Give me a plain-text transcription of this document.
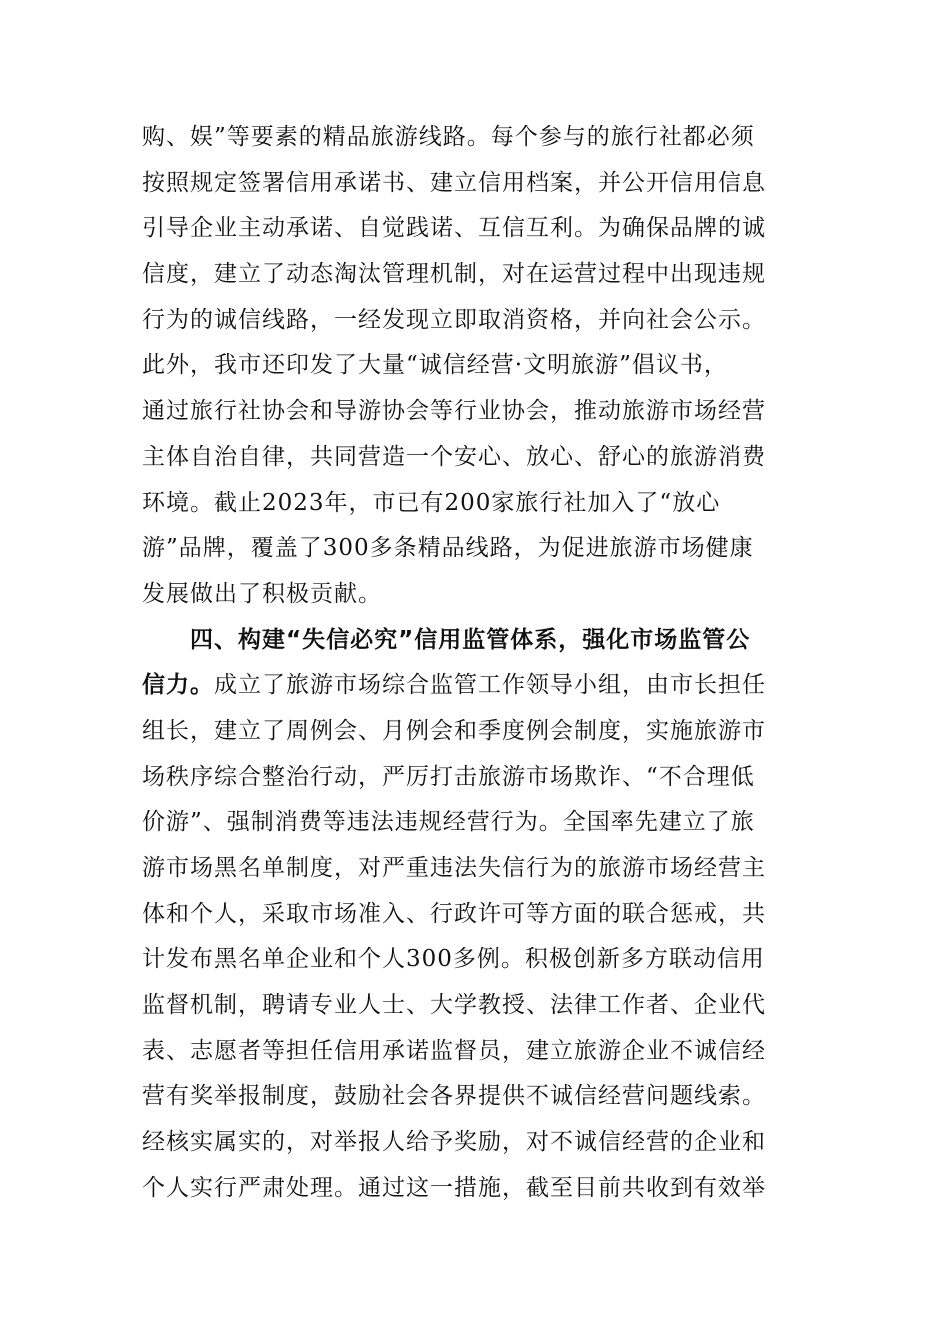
购、娱”等要素的精品旅游线路。每个参与的旅行社都必须
按照规定签署信用承诺书、建立信用档案，并公开信用信息
引导企业主动承诺、自觉践诺、互信互利。为确保品牌的诚
信度，建立了动态淘汰管理机制，对在运营过程中出现违规
行为的诚信线路，一经发现立即取消资格，并向社会公示。
此外，我市还印发了大量“诚信经营·文明旅游”倡议书，
通过旅行社协会和导游协会等行业协会，推动旅游市场经营
主体自治自律，共同营造一个安心、放心、舒心的旅游消费
环境。截止2023年，市已有200家旅行社加入了“放心
游”品牌，覆盖了300多条精品线路，为促进旅游市场健康
发展做出了积极贡献。
四、构建“失信必究”信用监管体系，强化市场监管公
信力。成立了旅游市场综合监管工作领导小组，由市长担任
组长，建立了周例会、月例会和季度例会制度，实施旅游市
场秩序综合整治行动，严厉打击旅游市场欺诈、“不合理低
价游”、强制消费等违法违规经营行为。全国率先建立了旅
游市场黑名单制度，对严重违法失信行为的旅游市场经营主
体和个人，采取市场准入、行政许可等方面的联合惩戒，共
计发布黑名单企业和个人300多例。积极创新多方联动信用
监督机制，聘请专业人士、大学教授、法律工作者、企业代
表、志愿者等担任信用承诺监督员，建立旅游企业不诚信经
营有奖举报制度，鼓励社会各界提供不诚信经营问题线索。
经核实属实的，对举报人给予奖励，对不诚信经营的企业和
个人实行严肃处理。通过这一措施，截至目前共收到有效举
